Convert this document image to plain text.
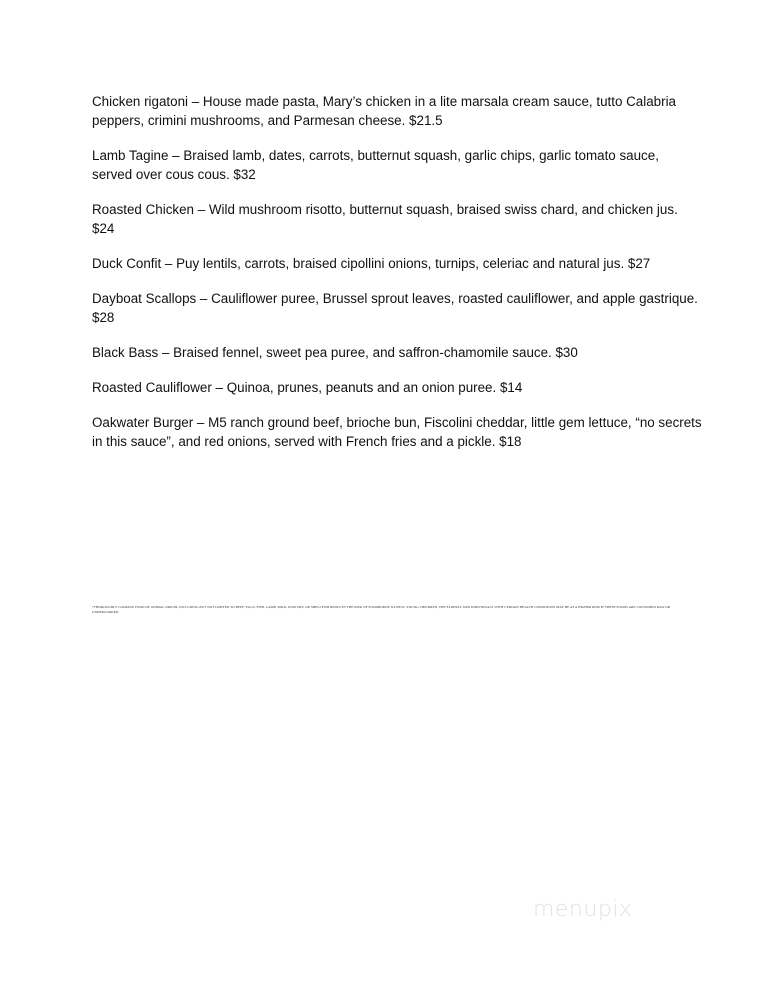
Chicken rigatoni – House made pasta, Mary’s chicken in a lite marsala cream sauce, tutto Calabria peppers, crimini mushrooms, and Parmesan cheese. $21.5

Lamb Tagine – Braised lamb, dates, carrots, butternut squash, garlic chips, garlic tomato sauce, served over cous cous. $32

Roasted Chicken – Wild mushroom risotto, butternut squash, braised swiss chard, and chicken jus. $24

Duck Confit – Puy lentils, carrots, braised cipollini onions, turnips, celeriac and natural jus. $27

Dayboat Scallops – Cauliflower puree, Brussel sprout leaves, roasted cauliflower, and apple gastrique. $28

Black Bass – Braised fennel, sweet pea puree, and saffron-chamomile sauce. $30

Roasted Cauliflower – Quinoa, prunes, peanuts and an onion puree. $14

Oakwater Burger – M5 ranch ground beef, brioche bun, Fiscolini cheddar, little gem lettuce, “no secrets in this sauce”, and red onions, served with French fries and a pickle. $18

*THOROUGHLY COOKING FOOD OF ANIMAL ORIGIN, INCLUDING BUT NOT LIMITED TO BEEF, EGGS, FISH, LAMB, MILK, POULTRY, OR SHELLFISH REDUCES THE RISK OF FOODBORNE ILLNESS. YOUNG CHILDREN, THE ELDERLY AND INDIVIDUALS WITH CERTAIN HEALTH CONDITIONS MAY BE AT A HIGHER RISK IF THESE FOODS ARE CONSUMED RAW OR UNDERCOOKED
menupix
